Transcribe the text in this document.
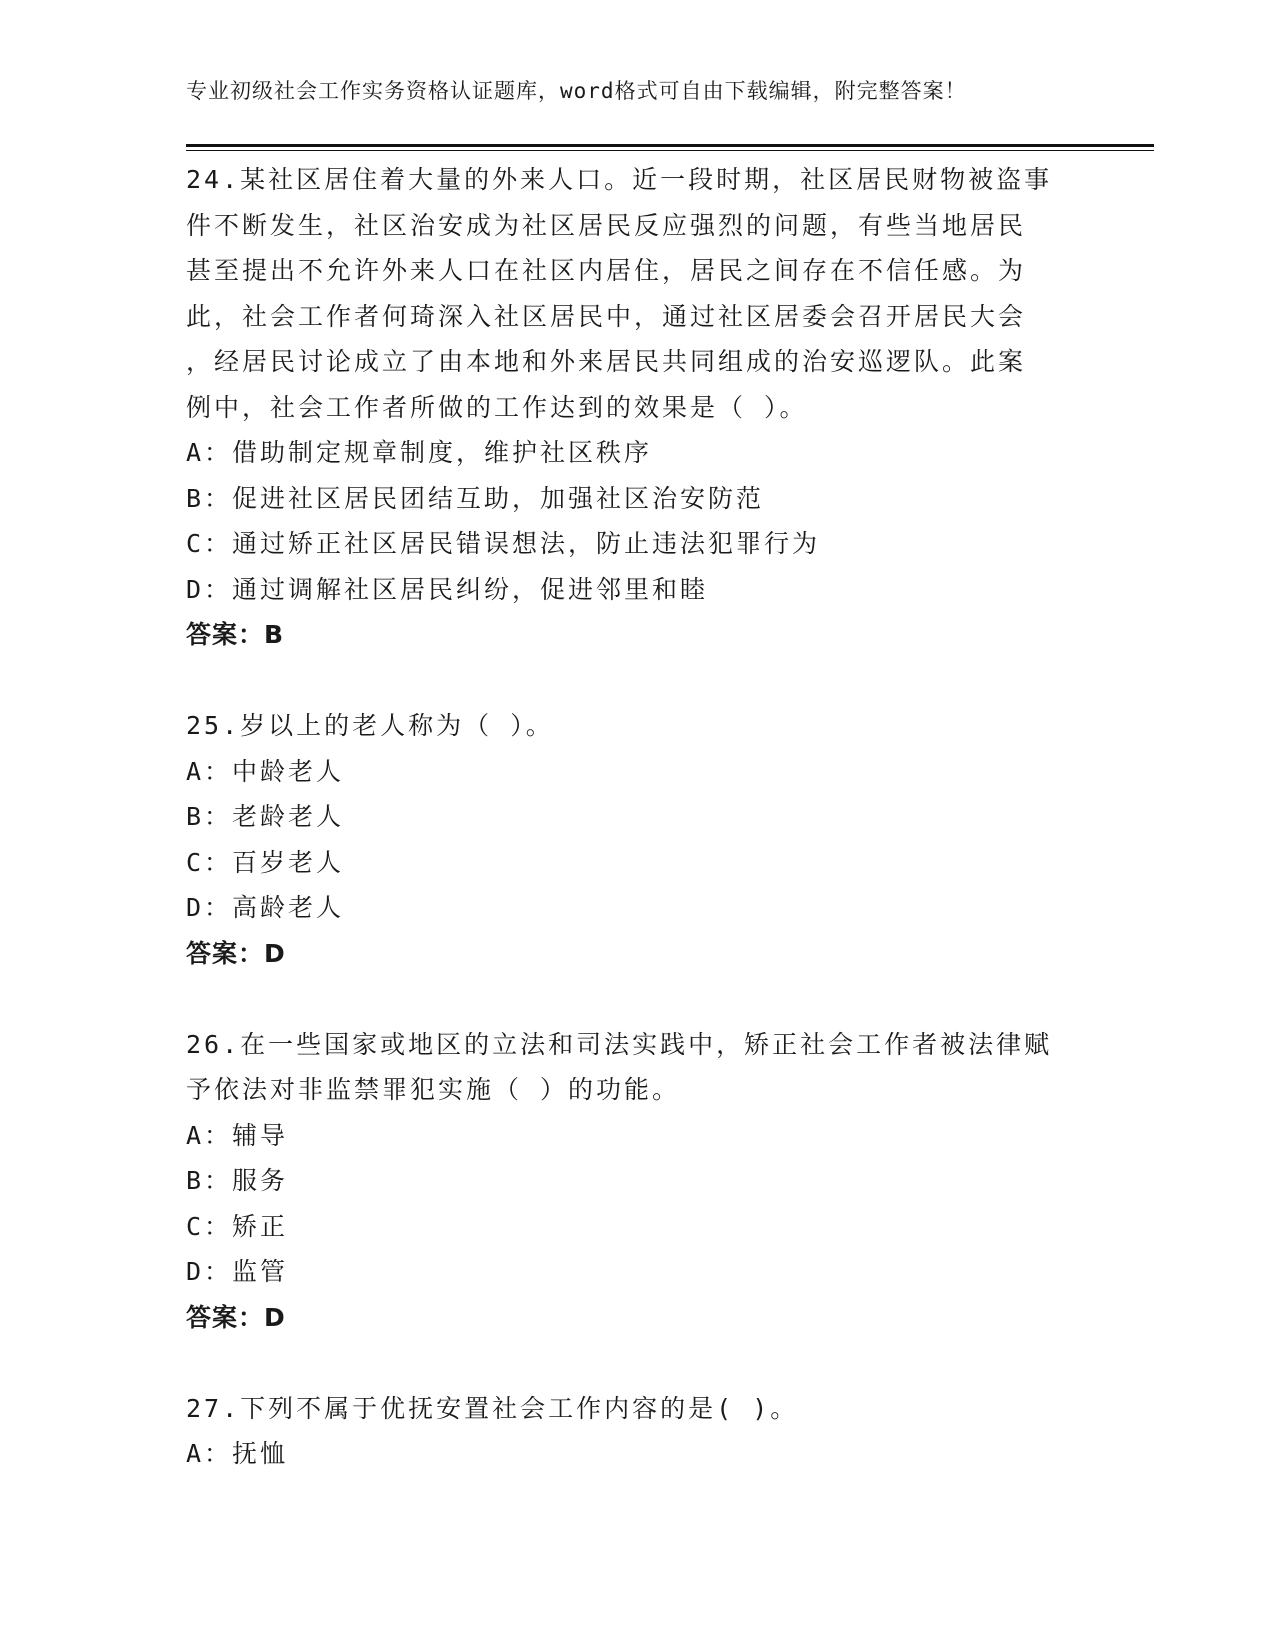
专业初级社会工作实务资格认证题库，word格式可自由下载编辑，附完整答案！

24.某社区居住着大量的外来人口。近一段时期，社区居民财物被盗事

件不断发生，社区治安成为社区居民反应强烈的问题，有些当地居民

甚至提出不允许外来人口在社区内居住，居民之间存在不信任感。为

此，社会工作者何琦深入社区居民中，通过社区居委会召开居民大会

，经居民讨论成立了由本地和外来居民共同组成的治安巡逻队。此案

例中，社会工作者所做的工作达到的效果是（ ）。

A：借助制定规章制度，维护社区秩序

B：促进社区居民团结互助，加强社区治安防范

C：通过矫正社区居民错误想法，防止违法犯罪行为

D：通过调解社区居民纠纷，促进邻里和睦

答案：B

25.岁以上的老人称为（ ）。

A：中龄老人

B：老龄老人

C：百岁老人

D：高龄老人

答案：D

26.在一些国家或地区的立法和司法实践中，矫正社会工作者被法律赋

予依法对非监禁罪犯实施（ ）的功能。

A：辅导

B：服务

C：矫正

D：监管

答案：D

27.下列不属于优抚安置社会工作内容的是( )。

A：抚恤
